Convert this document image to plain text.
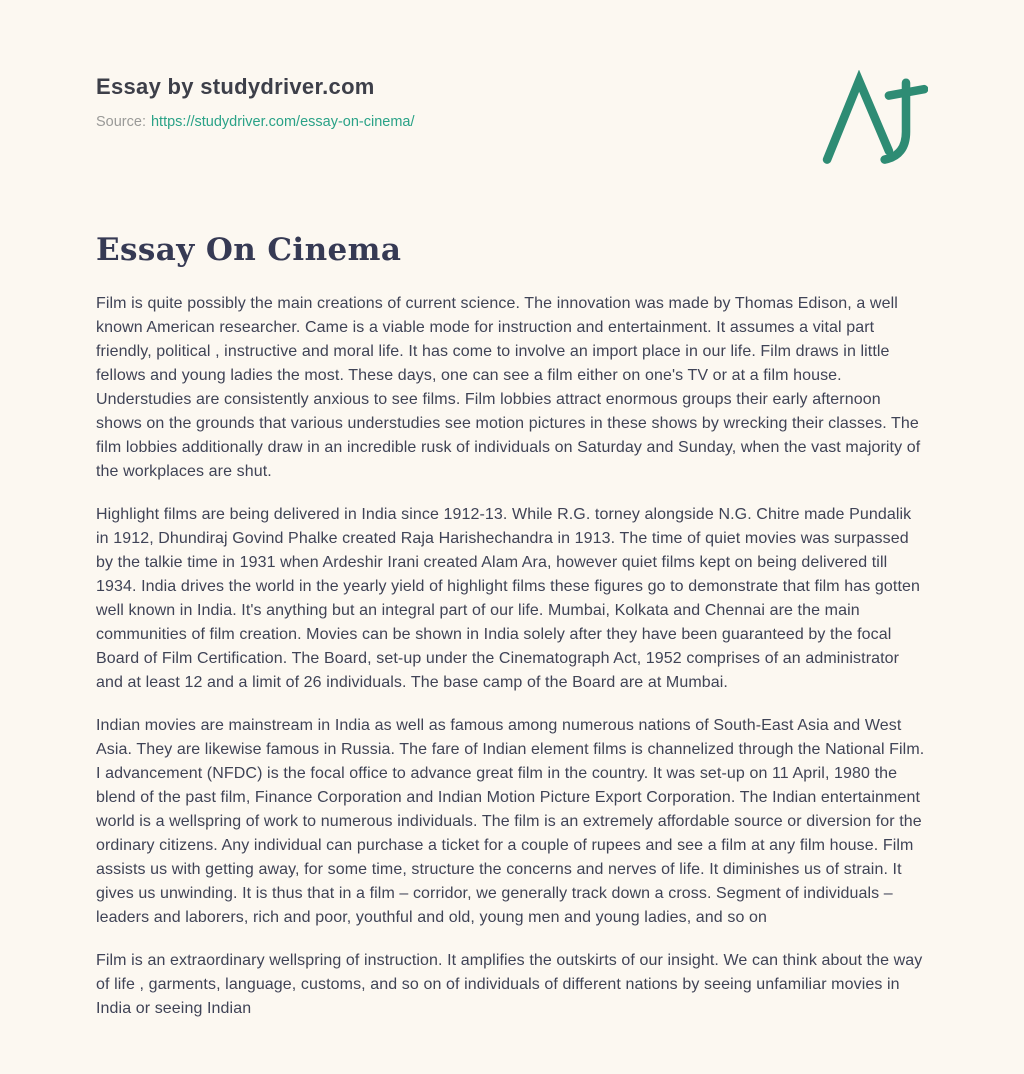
Essay by studydriver.com
Source: https://studydriver.com/essay-on-cinema/
Essay On Cinema

Film is quite possibly the main creations of current science. The innovation was made by Thomas Edison, a well known American researcher. Came is a viable mode for instruction and entertainment. It assumes a vital part friendly, political , instructive and moral life. It has come to involve an import place in our life. Film draws in little fellows and young ladies the most. These days, one can see a film either on one's TV or at a film house. Understudies are consistently anxious to see films. Film lobbies attract enormous groups their early afternoon shows on the grounds that various understudies see motion pictures in these shows by wrecking their classes. The film lobbies additionally draw in an incredible rusk of individuals on Saturday and Sunday, when the vast majority of the workplaces are shut.

Highlight films are being delivered in India since 1912-13. While R.G. torney alongside N.G. Chitre made Pundalik in 1912, Dhundiraj Govind Phalke created Raja Harishechandra in 1913. The time of quiet movies was surpassed by the talkie time in 1931 when Ardeshir Irani created Alam Ara, however quiet films kept on being delivered till 1934. India drives the world in the yearly yield of highlight films these figures go to demonstrate that film has gotten well known in India. It's anything but an integral part of our life. Mumbai, Kolkata and Chennai are the main communities of film creation. Movies can be shown in India solely after they have been guaranteed by the focal Board of Film Certification. The Board, set-up under the Cinematograph Act, 1952 comprises of an administrator and at least 12 and a limit of 26 individuals. The base camp of the Board are at Mumbai.

Indian movies are mainstream in India as well as famous among numerous nations of South-East Asia and West Asia. They are likewise famous in Russia. The fare of Indian element films is channelized through the National Film. I advancement (NFDC) is the focal office to advance great film in the country. It was set-up on 11 April, 1980 the blend of the past film, Finance Corporation and Indian Motion Picture Export Corporation. The Indian entertainment world is a wellspring of work to numerous individuals. The film is an extremely affordable source or diversion for the ordinary citizens. Any individual can purchase a ticket for a couple of rupees and see a film at any film house. Film assists us with getting away, for some time, structure the concerns and nerves of life. It diminishes us of strain. It gives us unwinding. It is thus that in a film – corridor, we generally track down a cross. Segment of individuals – leaders and laborers, rich and poor, youthful and old, young men and young ladies, and so on

Film is an extraordinary wellspring of instruction. It amplifies the outskirts of our insight. We can think about the way of life , garments, language, customs, and so on of individuals of different nations by seeing unfamiliar movies in India or seeing Indian
